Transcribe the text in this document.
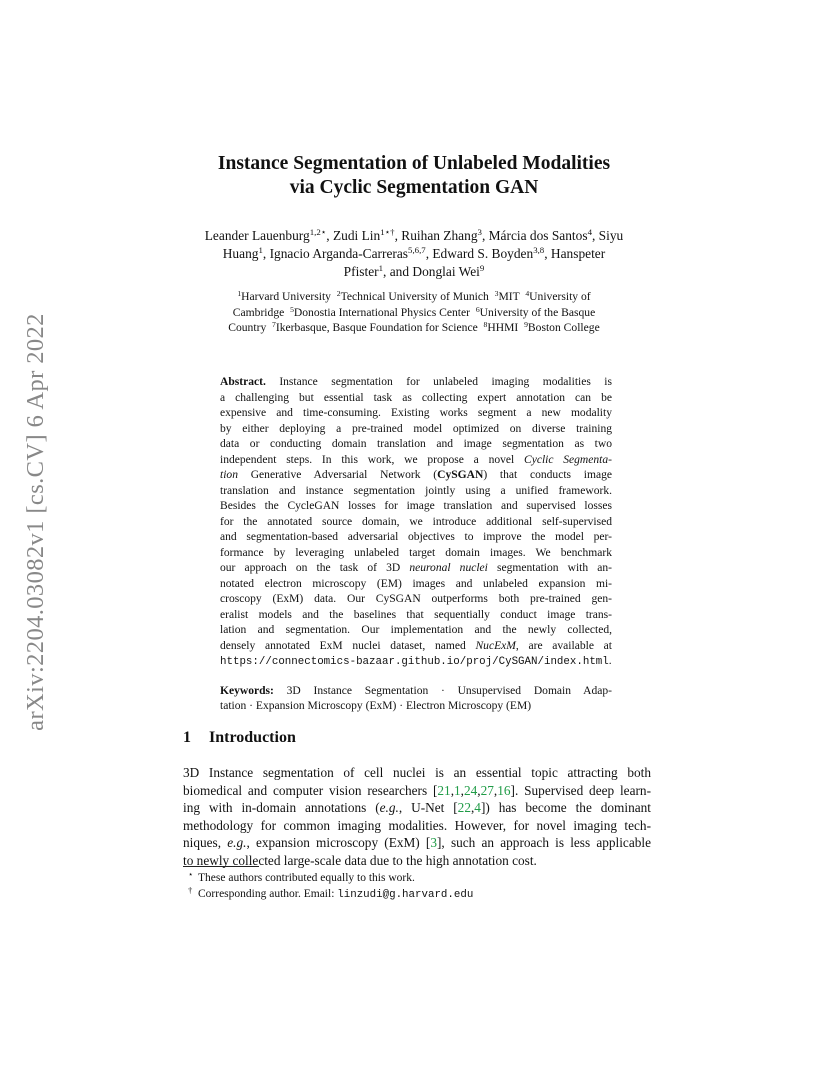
arXiv:2204.03082v1 [cs.CV] 6 Apr 2022
Instance Segmentation of Unlabeled Modalities
via Cyclic Segmentation GAN
Leander Lauenburg$^{1,2⋆}$, Zudi Lin$^{1⋆\dagger}$, Ruihan Zhang$^3$, Márcia dos Santos$^4$, Siyu
Huang$^1$, Ignacio Arganda-Carreras$^{5,6,7}$, Edward S. Boyden$^{3,8}$, Hanspeter
Pfister$^1$, and Donglai Wei$^9$
$^1$Harvard University  $^2$Technical University of Munich  $^3$MIT  $^4$University of
Cambridge  $^5$Donostia International Physics Center  $^6$University of the Basque
Country  $^7$Ikerbasque, Basque Foundation for Science  $^8$HHMI  $^9$Boston College
Abstract. Instance segmentation for unlabeled imaging modalities is
a challenging but essential task as collecting expert annotation can be
expensive and time-consuming. Existing works segment a new modality
by either deploying a pre-trained model optimized on diverse training
data or conducting domain translation and image segmentation as two
independent steps. In this work, we propose a novel Cyclic Segmenta-
tion Generative Adversarial Network (CySGAN) that conducts image
translation and instance segmentation jointly using a unified framework.
Besides the CycleGAN losses for image translation and supervised losses
for the annotated source domain, we introduce additional self-supervised
and segmentation-based adversarial objectives to improve the model per-
formance by leveraging unlabeled target domain images. We benchmark
our approach on the task of 3D neuronal nuclei segmentation with an-
notated electron microscopy (EM) images and unlabeled expansion mi-
croscopy (ExM) data. Our CySGAN outperforms both pre-trained gen-
eralist models and the baselines that sequentially conduct image trans-
lation and segmentation. Our implementation and the newly collected,
densely annotated ExM nuclei dataset, named NucExM, are available at
https://connectomics-bazaar.github.io/proj/CySGAN/index.html.
Keywords: 3D Instance Segmentation · Unsupervised Domain Adap-
tation · Expansion Microscopy (ExM) · Electron Microscopy (EM)
1 Introduction
3D Instance segmentation of cell nuclei is an essential topic attracting both
biomedical and computer vision researchers [21,1,24,27,16]. Supervised deep learn-
ing with in-domain annotations (e.g., U-Net [22,4]) has become the dominant
methodology for common imaging modalities. However, for novel imaging tech-
niques, e.g., expansion microscopy (ExM) [3], such an approach is less applicable
to newly collected large-scale data due to the high annotation cost.
⋆ These authors contributed equally to this work.
† Corresponding author. Email: linzudi@g.harvard.edu
